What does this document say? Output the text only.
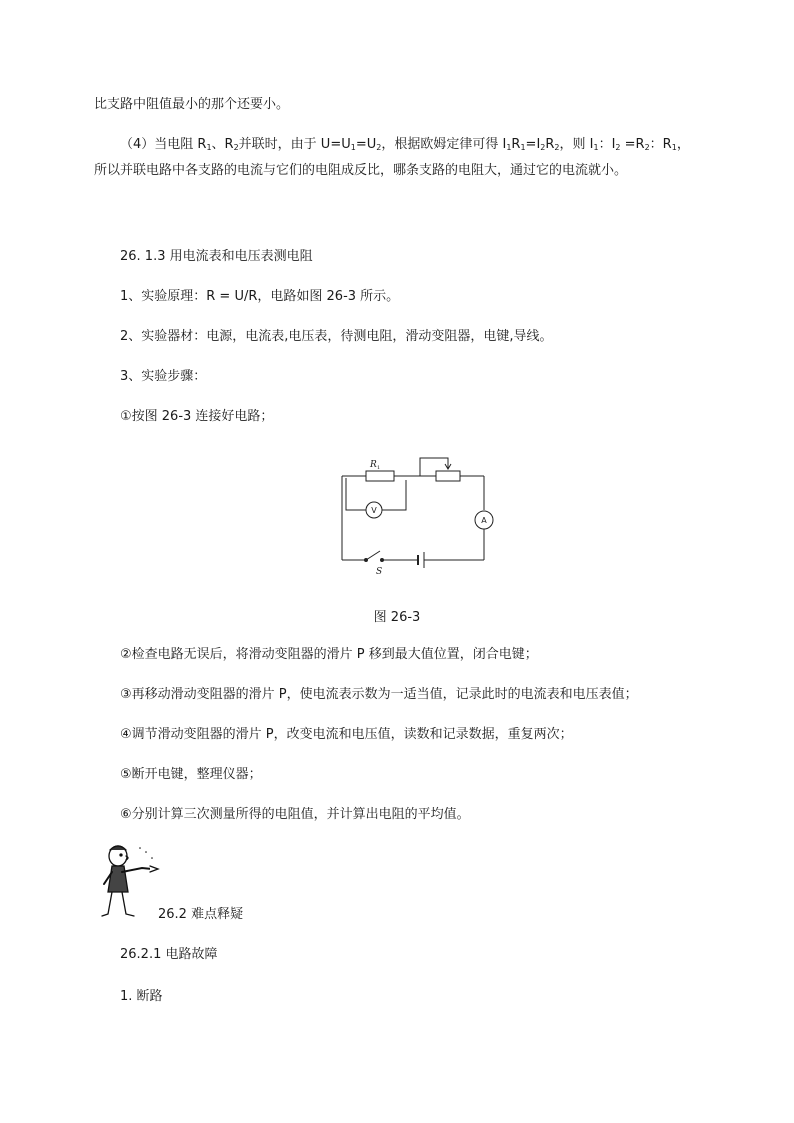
比支路中阻值最小的那个还要小。
（4）当电阻 $R_1$、$R_2$并联时，由于 $U=U_1=U_2$，根据欧姆定律可得 $I_1R_1=I_2R_2$，则 $I_1$：$I_2 =R_2$：$R_1$，
所以并联电路中各支路的电流与它们的电阻成反比，哪条支路的电阻大，通过它的电流就小。
26. 1.3 用电流表和电压表测电阻
1、实验原理：R = U/R，电路如图 26-3 所示。
2、实验器材：电源，电流表,电压表，待测电阻，滑动变阻器，电键,导线。
3、实验步骤：
①按图 26-3 连接好电路；
R 1
V
A
S
图 26-3
②检查电路无误后，将滑动变阻器的滑片 P 移到最大值位置，闭合电键；
③再移动滑动变阻器的滑片 P，使电流表示数为一适当值，记录此时的电流表和电压表值；
④调节滑动变阻器的滑片 P，改变电流和电压值，读数和记录数据，重复两次；
⑤断开电键，整理仪器；
⑥分别计算三次测量所得的电阻值，并计算出电阻的平均值。
26.2 难点释疑
26.2.1 电路故障
1. 断路
